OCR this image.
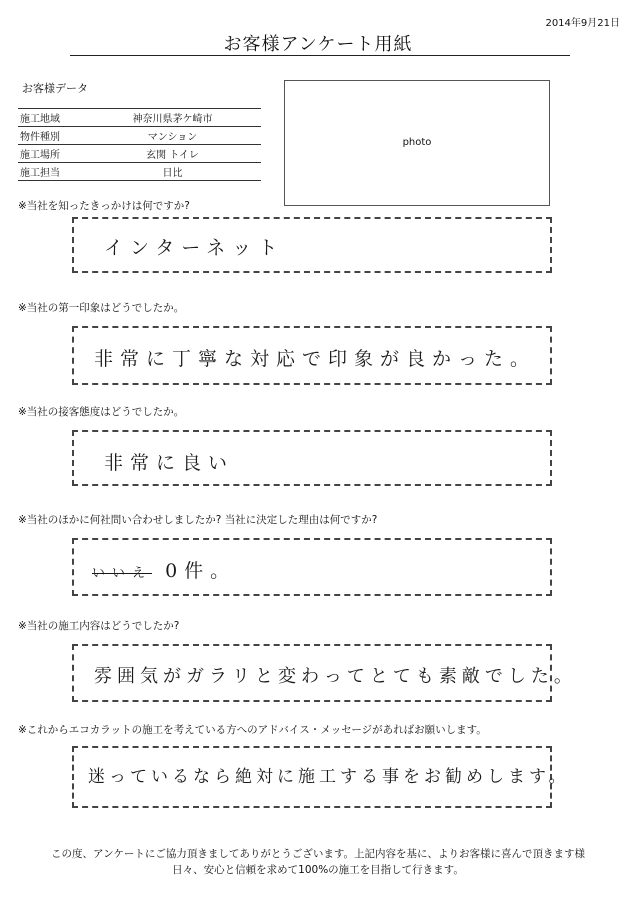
2014年9月21日
お客様アンケート用紙
お客様データ
施工地域	神奈川県茅ケ崎市
物件種別	マンション
施工場所	玄関 トイレ
施工担当	日比
photo
※当社を知ったきっかけは何ですか?
インターネット
※当社の第一印象はどうでしたか。
非常に丁寧な対応で印象が良かった。
※当社の接客態度はどうでしたか。
非常に良い
※当社のほかに何社問い合わせしましたか? 当社に決定した理由は何ですか?
いいえ 0件。
※当社の施工内容はどうでしたか?
雰囲気がガラリと変わってとても素敵でした。
※これからエコカラットの施工を考えている方へのアドバイス・メッセージがあればお願いします。
迷っているなら絶対に施工する事をお勧めします。
この度、アンケートにご協力頂きましてありがとうございます。上記内容を基に、よりお客様に喜んで頂きます様
日々、安心と信頼を求めて100%の施工を目指して行きます。
